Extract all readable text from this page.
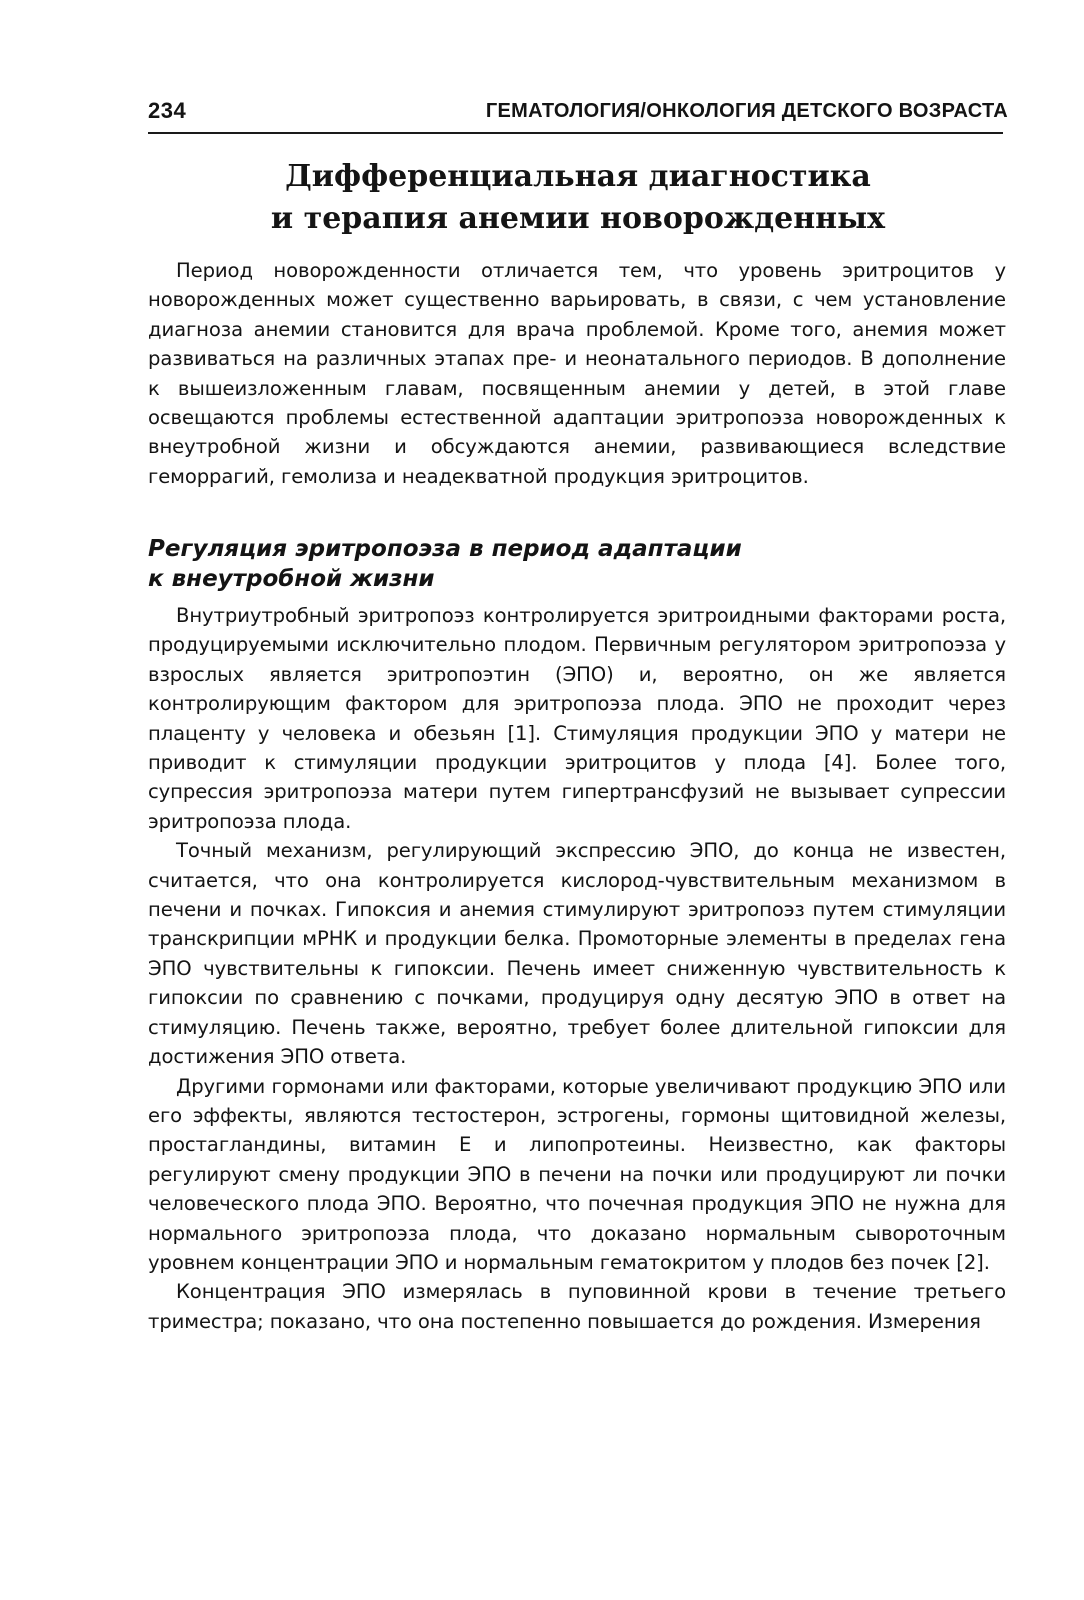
234	ГЕМАТОЛОГИЯ/ОНКОЛОГИЯ ДЕТСКОГО ВОЗРАСТА
Дифференциальная диагностика
и терапия анемии новорожденных

Период новорожденности отличается тем, что уровень эритроцитов у новорожденных может существенно варьировать, в связи, с чем установление диагноза анемии становится для врача проблемой. Кроме того, анемия может развиваться на различных этапах пре- и неонатального периодов. В дополнение к вышеизложенным главам, посвященным анемии у детей, в этой главе освещаются проблемы естественной адаптации эритропоэза новорожденных к внеутробной жизни и обсуждаются анемии, развивающиеся вследствие геморрагий, гемолиза и неадекватной продукция эритроцитов.

Регуляция эритропоэза в период адаптации
к внеутробной жизни

Внутриутробный эритропоэз контролируется эритроидными факторами роста, продуцируемыми исключительно плодом. Первичным регулятором эритропоэза у взрослых является эритропоэтин (ЭПО) и, вероятно, он же является контролирующим фактором для эритропоэза плода. ЭПО не проходит через плаценту у человека и обезьян [1]. Стимуляция продукции ЭПО у матери не приводит к стимуляции продукции эритроцитов у плода [4]. Более того, супрессия эритропоэза матери путем гипертрансфузий не вызывает супрессии эритропоэза плода.

Точный механизм, регулирующий экспрессию ЭПО, до конца не известен, считается, что она контролируется кислород-чувствительным механизмом в печени и почках. Гипоксия и анемия стимулируют эритропоэз путем стимуляции транскрипции мРНК и продукции белка. Промоторные элементы в пределах гена ЭПО чувствительны к гипоксии. Печень имеет сниженную чувствительность к гипоксии по сравнению с почками, продуцируя одну десятую ЭПО в ответ на стимуляцию. Печень также, вероятно, требует более длительной гипоксии для достижения ЭПО ответа.

Другими гормонами или факторами, которые увеличивают продукцию ЭПО или его эффекты, являются тестостерон, эстрогены, гормоны щитовидной железы, простагландины, витамин Е и липопротеины. Неизвестно, как факторы регулируют смену продукции ЭПО в печени на почки или продуцируют ли почки человеческого плода ЭПО. Вероятно, что почечная продукция ЭПО не нужна для нормального эритропоэза плода, что доказано нормальным сывороточным уровнем концентрации ЭПО и нормальным гематокритом у плодов без почек [2].

Концентрация ЭПО измерялась в пуповинной крови в течение третьего триместра; показано, что она постепенно повышается до рождения. Измерения
